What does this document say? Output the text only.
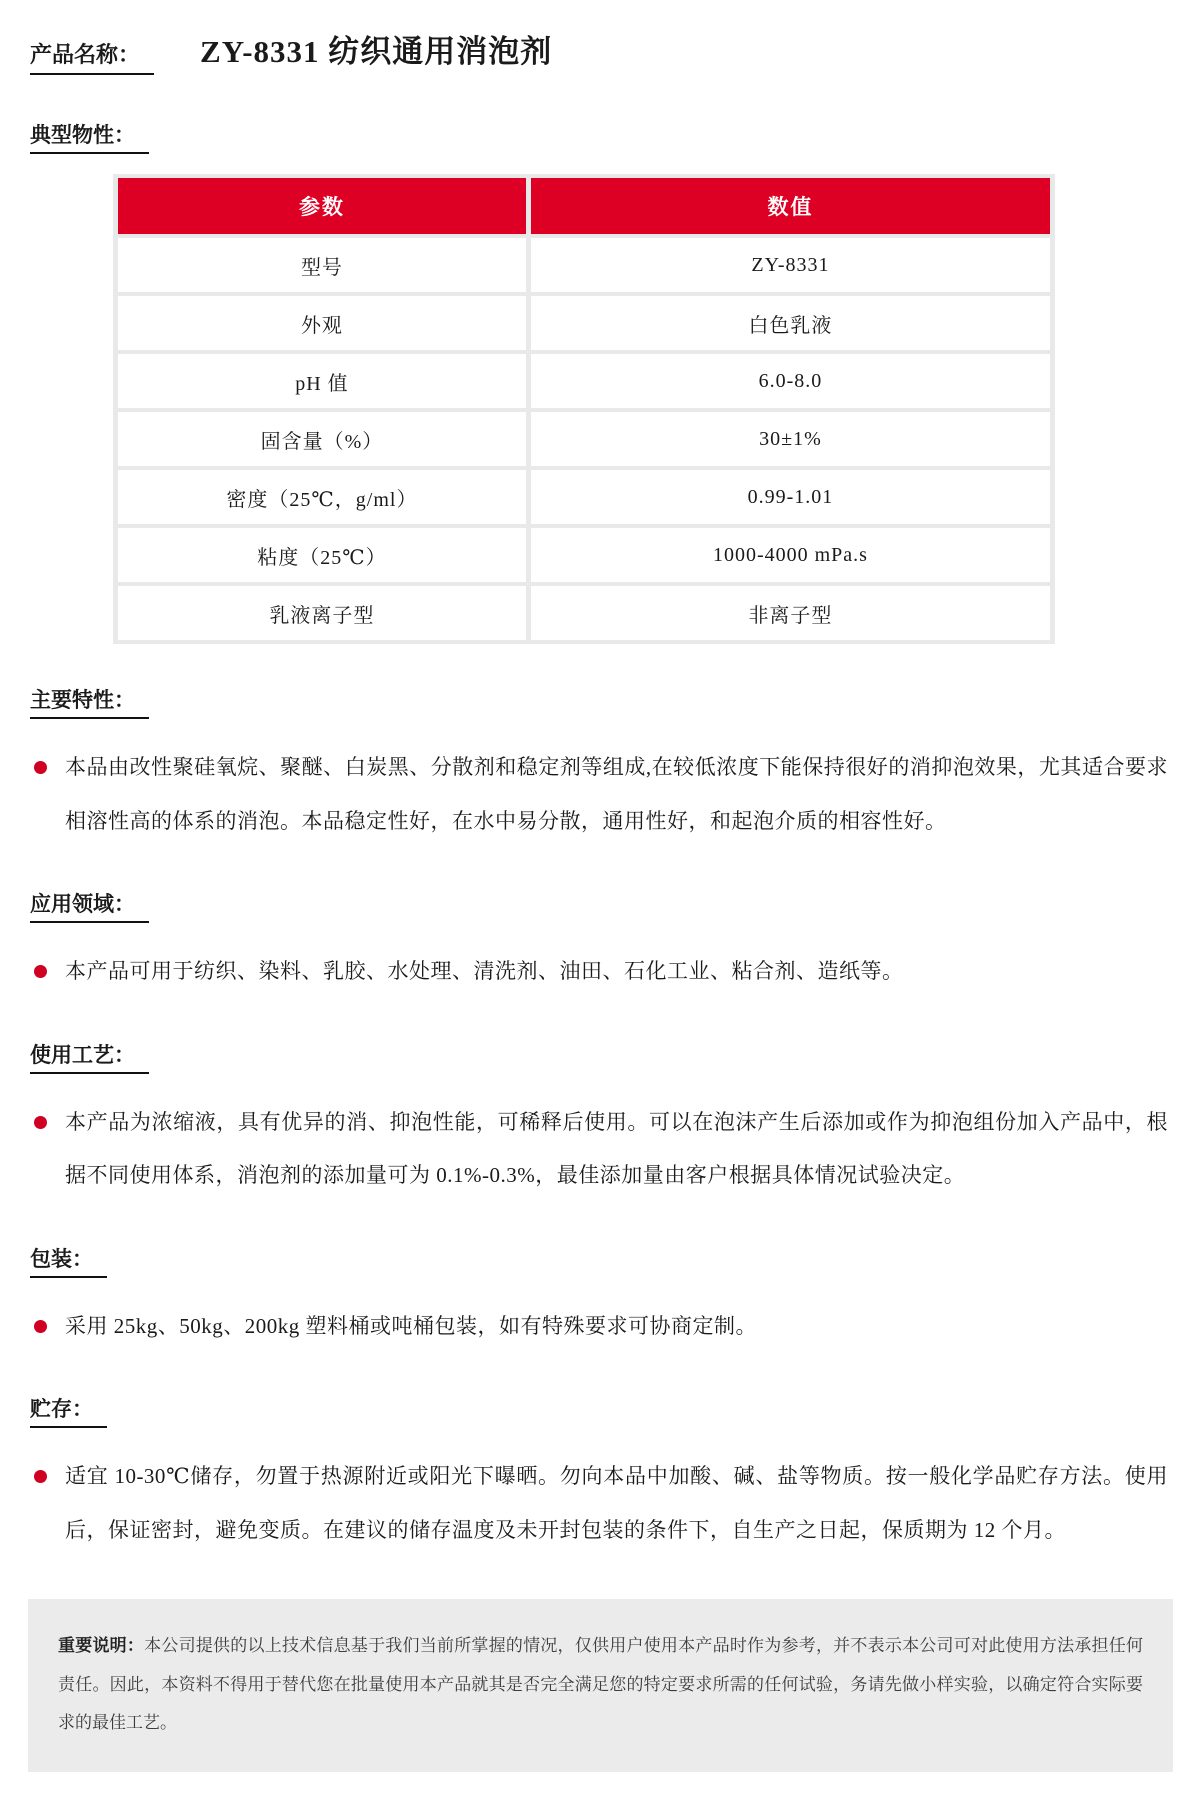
产品名称：	ZY-8331 纺织通用消泡剂
典型物性：
参数	数值
型号	ZY-8331
外观	白色乳液
pH 值	6.0-8.0
固含量（%）	30±1%
密度（25℃，g/ml）	0.99-1.01
粘度（25℃）	1000-4000 mPa.s
乳液离子型	非离子型
主要特性：

本品由改性聚硅氧烷、聚醚、白炭黑、分散剂和稳定剂等组成,在较低浓度下能保持很好的消抑泡效果，尤其适合要求相溶性高的体系的消泡。本品稳定性好，在水中易分散，通用性好，和起泡介质的相容性好。

应用领域：

本产品可用于纺织、染料、乳胶、水处理、清洗剂、油田、石化工业、粘合剂、造纸等。

使用工艺：

本产品为浓缩液，具有优异的消、抑泡性能，可稀释后使用。可以在泡沫产生后添加或作为抑泡组份加入产品中，根据不同使用体系，消泡剂的添加量可为 0.1%-0.3%，最佳添加量由客户根据具体情况试验决定。

包装：

采用 25kg、50kg、200kg 塑料桶或吨桶包装，如有特殊要求可协商定制。

贮存：

适宜 10-30℃储存，勿置于热源附近或阳光下曝晒。勿向本品中加酸、碱、盐等物质。按一般化学品贮存方法。使用后，保证密封，避免变质。在建议的储存温度及未开封包装的条件下，自生产之日起，保质期为 12 个月。

重要说明：本公司提供的以上技术信息基于我们当前所掌握的情况，仅供用户使用本产品时作为参考，并不表示本公司可对此使用方法承担任何责任。因此，本资料不得用于替代您在批量使用本产品就其是否完全满足您的特定要求所需的任何试验，务请先做小样实验，以确定符合实际要求的最佳工艺。
